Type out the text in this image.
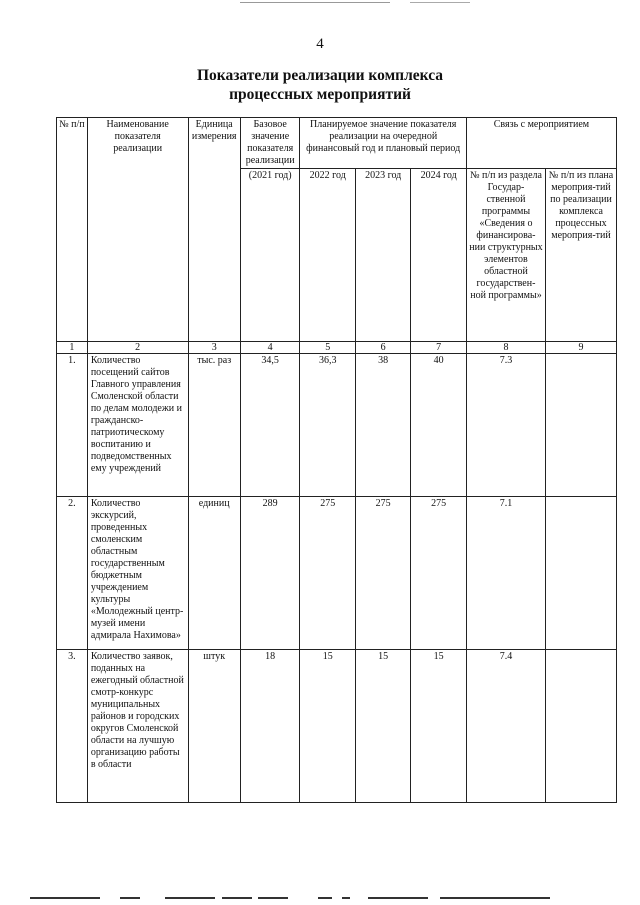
4
Показатели реализации комплекса
процессных мероприятий
№ п/п	Наименование показателя реализации	Единица измерения	Базовое значение показателя реализации	Планируемое значение показателя реализации на очередной финансовый год и плановый период			Связь с мероприятием	
			(2021 год)	2022 год	2023 год	2024 год	№ п/п из раздела Государ-ственной программы «Сведения о финансирова-нии структурных элементов областной государствен-ной программы»	№ п/п из плана мероприя-тий по реализации комплекса процессных мероприя-тий
1	2	3	4	5	6	7	8	9
1.	Количество посещений сайтов Главного управления Смоленской области по делам молодежи и гражданско-патриотическому воспитанию и подведомственных ему учреждений	тыс. раз	34,5	36,3	38	40	7.3	
2.	Количество экскурсий, проведенных смоленским областным государственным бюджетным учреждением культуры «Молодежный центр-музей имени адмирала Нахимова»	единиц	289	275	275	275	7.1	
3.	Количество заявок, поданных на ежегодный областной смотр-конкурс муниципальных районов и городских округов Смоленской области на лучшую организацию работы в области	штук	18	15	15	15	7.4	
